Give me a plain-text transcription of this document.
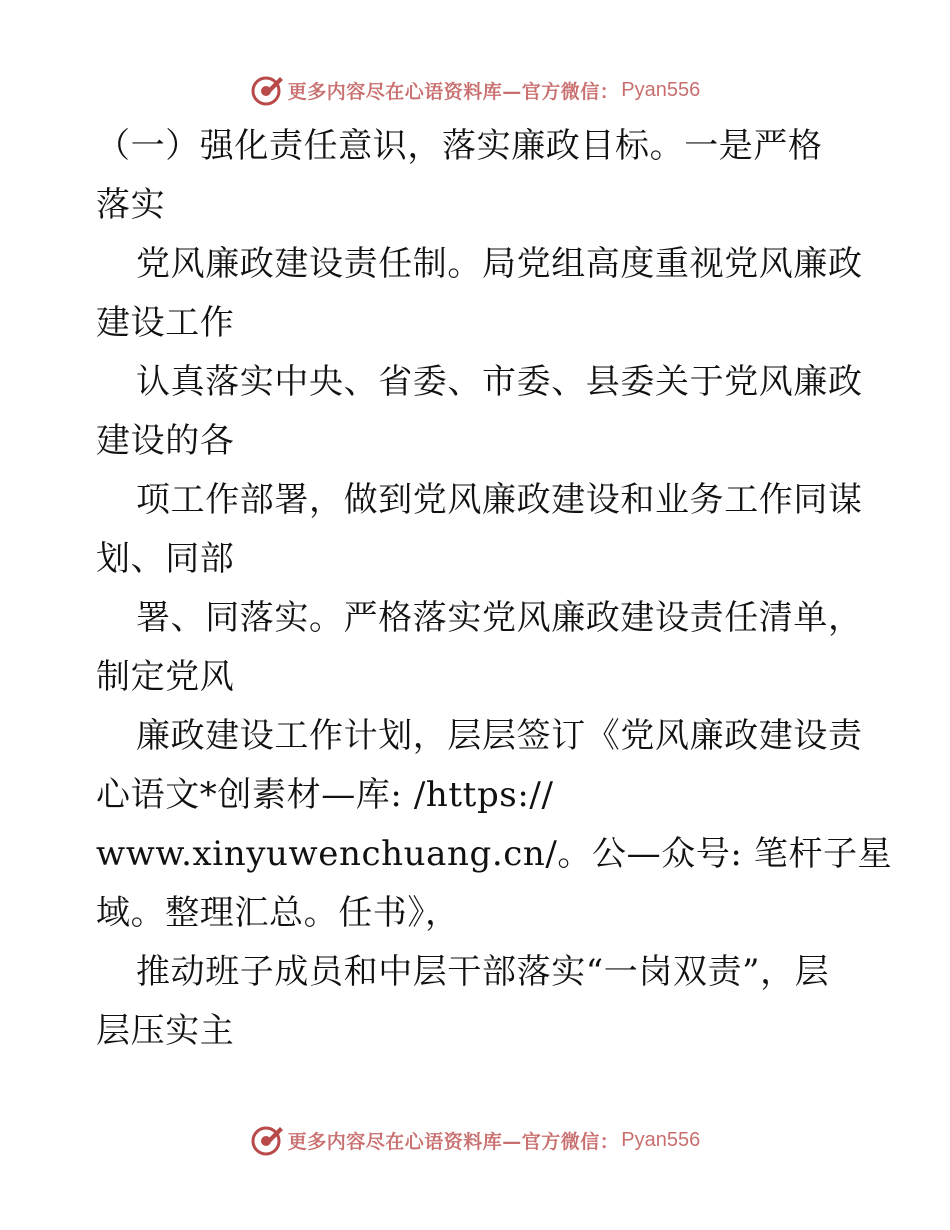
更多内容尽在心语资料库—官方微信： Pyan556
（一）强化责任意识，落实廉政目标。一是严格
落实
党风廉政建设责任制。局党组高度重视党风廉政
建设工作
认真落实中央、省委、市委、县委关于党风廉政
建设的各
项工作部署，做到党风廉政建设和业务工作同谋
划、同部
署、同落实。严格落实党风廉政建设责任清单，
制定党风
廉政建设工作计划，层层签订《党风廉政建设责
心语文*创素材—库: /https://
www.xinyuwenchuang.cn/。公—众号: 笔杆子星
域。整理汇总。任书》，
推动班子成员和中层干部落实“一岗双责”，层
层压实主
更多内容尽在心语资料库—官方微信： Pyan556
